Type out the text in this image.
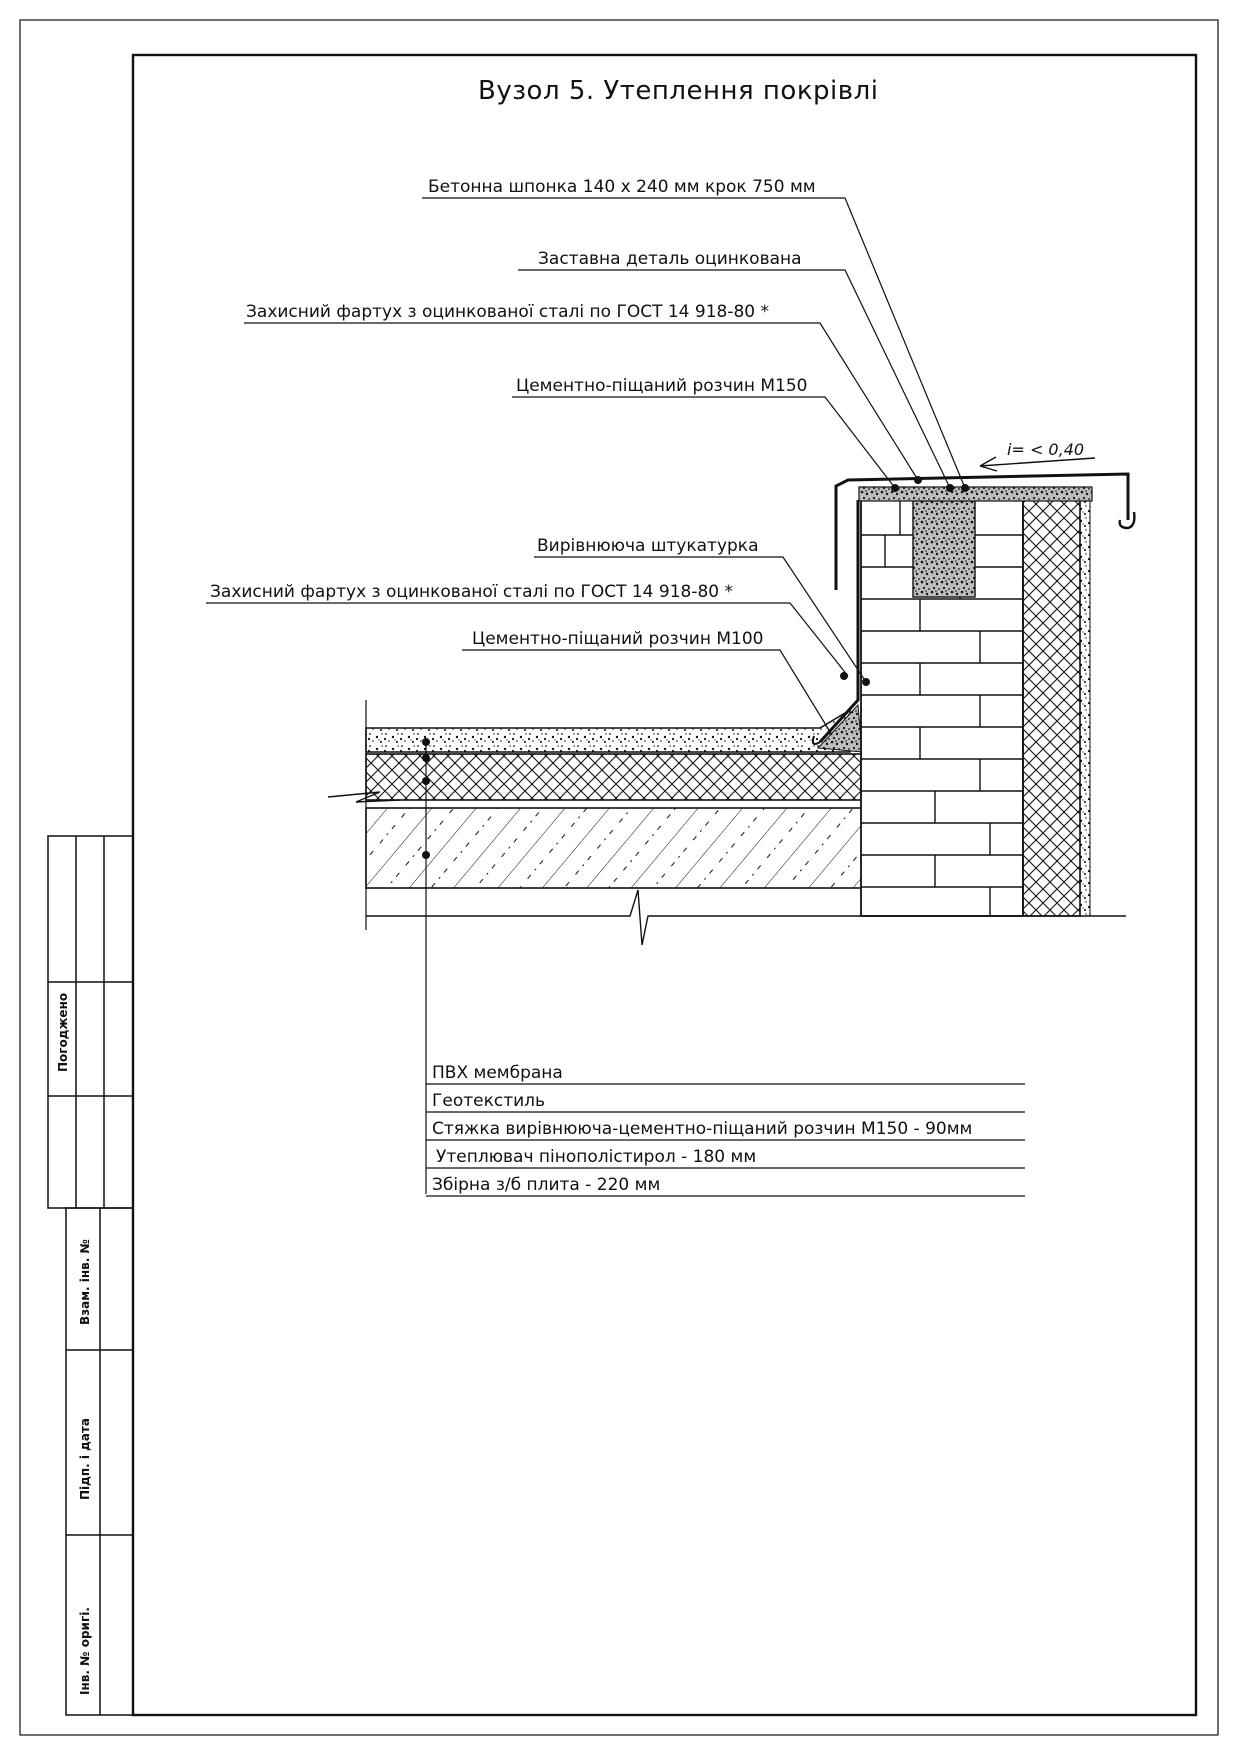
Погоджено
Взам. інв. №
Підп. і дата
Інв. № оригі.
Вузол 5. Утеплення покрівлі
i= < 0,40
Бетонна шпонка 140 х 240 мм крок 750 мм
Заставна деталь оцинкована
Захисний фартух з оцинкованої сталі по ГОСТ 14 918-80 *
Цементно-піщаний розчин М150
Вирівнююча штукатурка
Захисний фартух з оцинкованої сталі по ГОСТ 14 918-80 *
Цементно-піщаний розчин М100
ПВХ мембрана
Геотекстиль
Стяжка вирівнююча-цементно-піщаний розчин М150 - 90мм
Утеплювач пінополістирол - 180 мм
Збірна з/б плита - 220 мм
